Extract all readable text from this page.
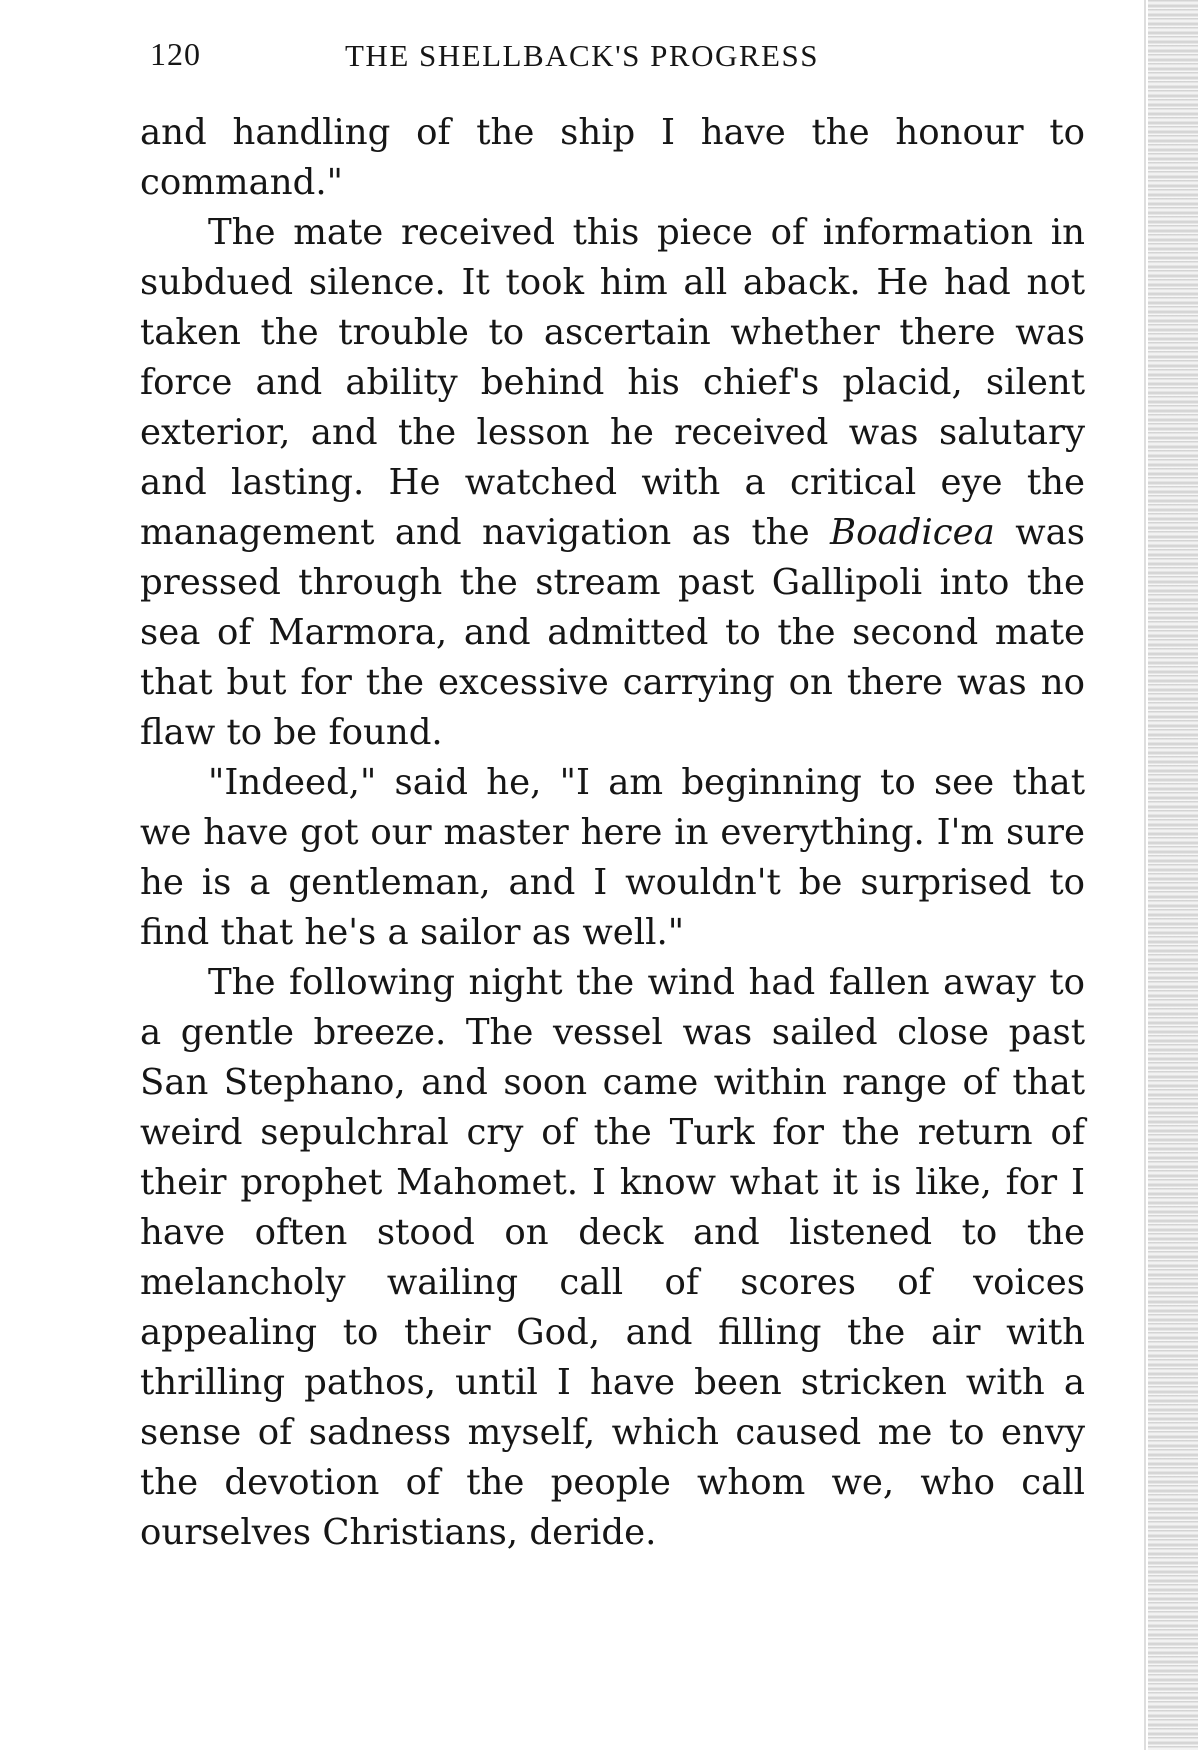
120	THE SHELLBACK'S PROGRESS

and handling of the ship I have the honour to command."

The mate received this piece of information in subdued silence. It took him all aback. He had not taken the trouble to ascertain whether there was force and ability behind his chief's placid, silent exterior, and the lesson he received was salutary and lasting. He watched with a critical eye the management and navigation as the Boadicea was pressed through the stream past Gallipoli into the sea of Marmora, and admitted to the second mate that but for the excessive carrying on there was no flaw to be found.

"Indeed," said he, "I am beginning to see that we have got our master here in everything. I'm sure he is a gentleman, and I wouldn't be surprised to find that he's a sailor as well."

The following night the wind had fallen away to a gentle breeze. The vessel was sailed close past San Stephano, and soon came within range of that weird sepulchral cry of the Turk for the return of their prophet Mahomet. I know what it is like, for I have often stood on deck and listened to the melancholy wailing call of scores of voices appealing to their God, and filling the air with thrilling pathos, until I have been stricken with a sense of sadness myself, which caused me to envy the devotion of the people whom we, who call ourselves Christians, deride.
